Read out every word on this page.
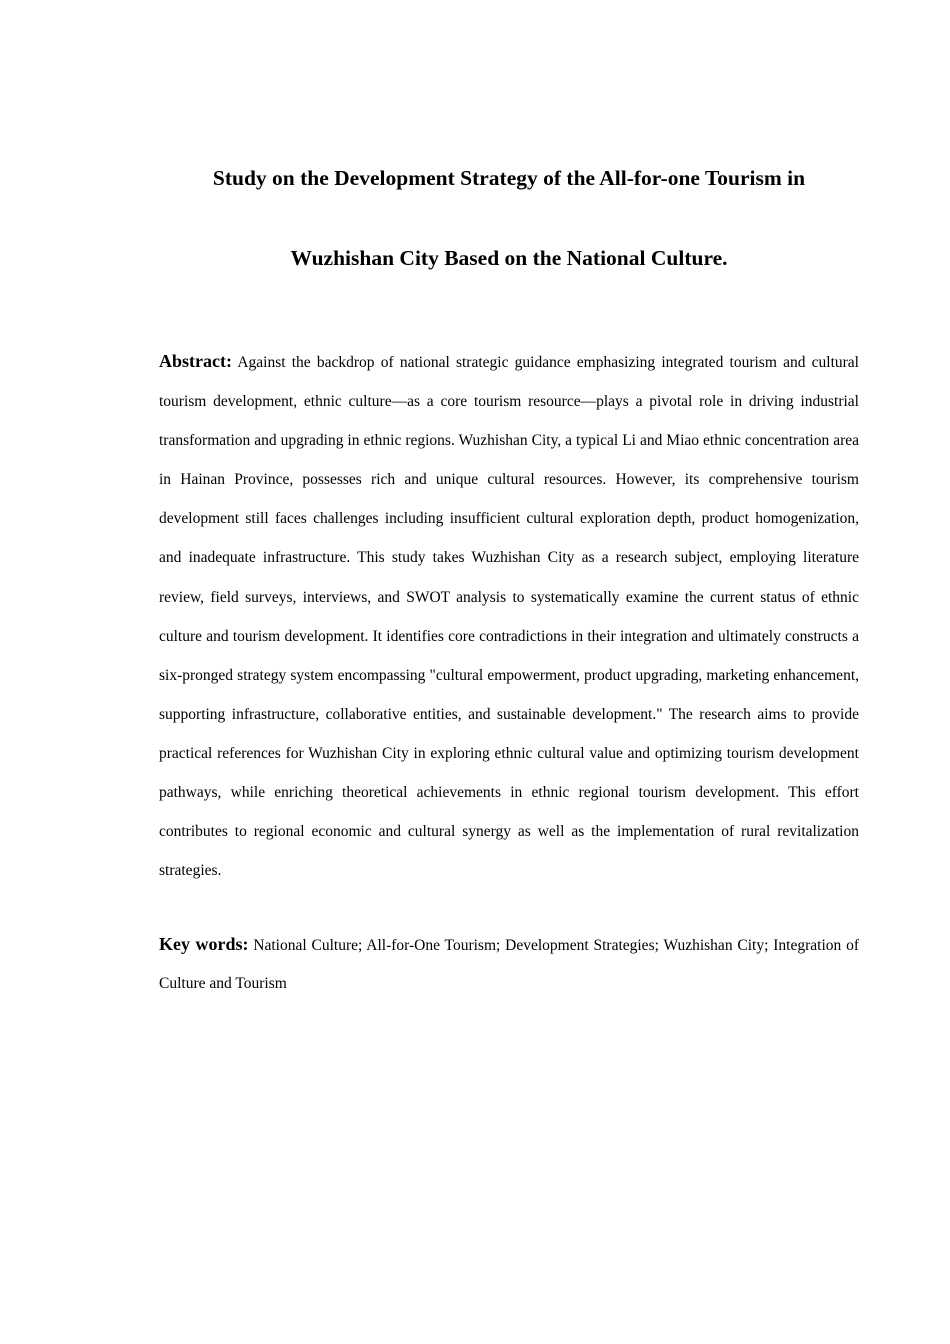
Study on the Development Strategy of the All-for-one Tourism in
Wuzhishan City Based on the National Culture.

Abstract: Against the backdrop of national strategic guidance emphasizing integrated tourism and cultural tourism development, ethnic culture—as a core tourism resource—plays a pivotal role in driving industrial transformation and upgrading in ethnic regions. Wuzhishan City, a typical Li and Miao ethnic concentration area in Hainan Province, possesses rich and unique cultural resources. However, its comprehensive tourism development still faces challenges including insufficient cultural exploration depth, product homogenization, and inadequate infrastructure. This study takes Wuzhishan City as a research subject, employing literature review, field surveys, interviews, and SWOT analysis to systematically examine the current status of ethnic culture and tourism development. It identifies core contradictions in their integration and ultimately constructs a six-pronged strategy system encompassing "cultural empowerment, product upgrading, marketing enhancement, supporting infrastructure, collaborative entities, and sustainable development." The research aims to provide practical references for Wuzhishan City in exploring ethnic cultural value and optimizing tourism development pathways, while enriching theoretical achievements in ethnic regional tourism development. This effort contributes to regional economic and cultural synergy as well as the implementation of rural revitalization strategies.

Key words: National Culture; All-for-One Tourism; Development Strategies; Wuzhishan City; Integration of Culture and Tourism
